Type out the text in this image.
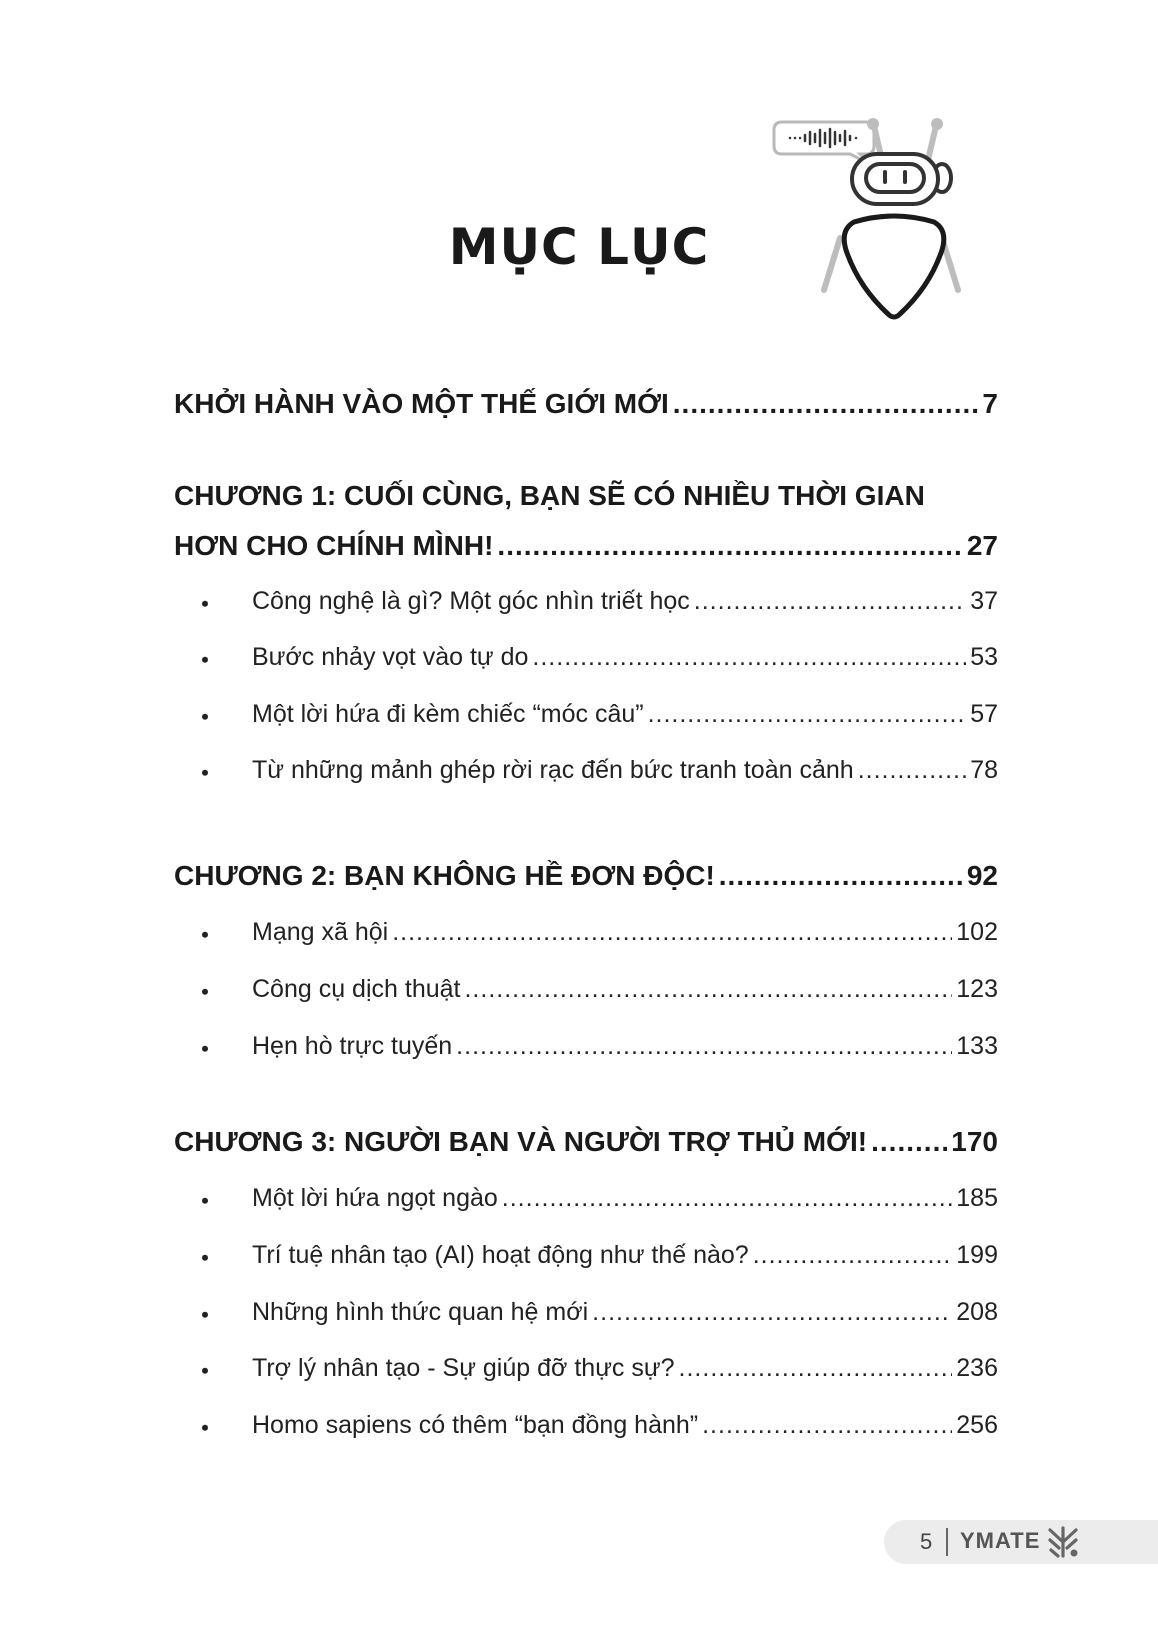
MỤC LỤC
KHỞI HÀNH VÀO MỘT THẾ GIỚI MỚI .....	7
CHƯƠNG 1: CUỐI CÙNG, BẠN SẼ CÓ NHIỀU THỜI GIAN
HƠN CHO CHÍNH MÌNH! .....	27
Công nghệ là gì? Một góc nhìn triết học .....	37
Bước nhảy vọt vào tự do .....	53
Một lời hứa đi kèm chiếc “móc câu” .....	57
Từ những mảnh ghép rời rạc đến bức tranh toàn cảnh .....	78
CHƯƠNG 2: BẠN KHÔNG HỀ ĐƠN ĐỘC! .....	92
Mạng xã hội .....	102
Công cụ dịch thuật .....	123
Hẹn hò trực tuyến .....	133
CHƯƠNG 3: NGƯỜI BẠN VÀ NGƯỜI TRỢ THỦ MỚI! .....	170
Một lời hứa ngọt ngào .....	185
Trí tuệ nhân tạo (AI) hoạt động như thế nào? .....	199
Những hình thức quan hệ mới .....	208
Trợ lý nhân tạo - Sự giúp đỡ thực sự? .....	236
Homo sapiens có thêm “bạn đồng hành” .....	256
5 YMATE
